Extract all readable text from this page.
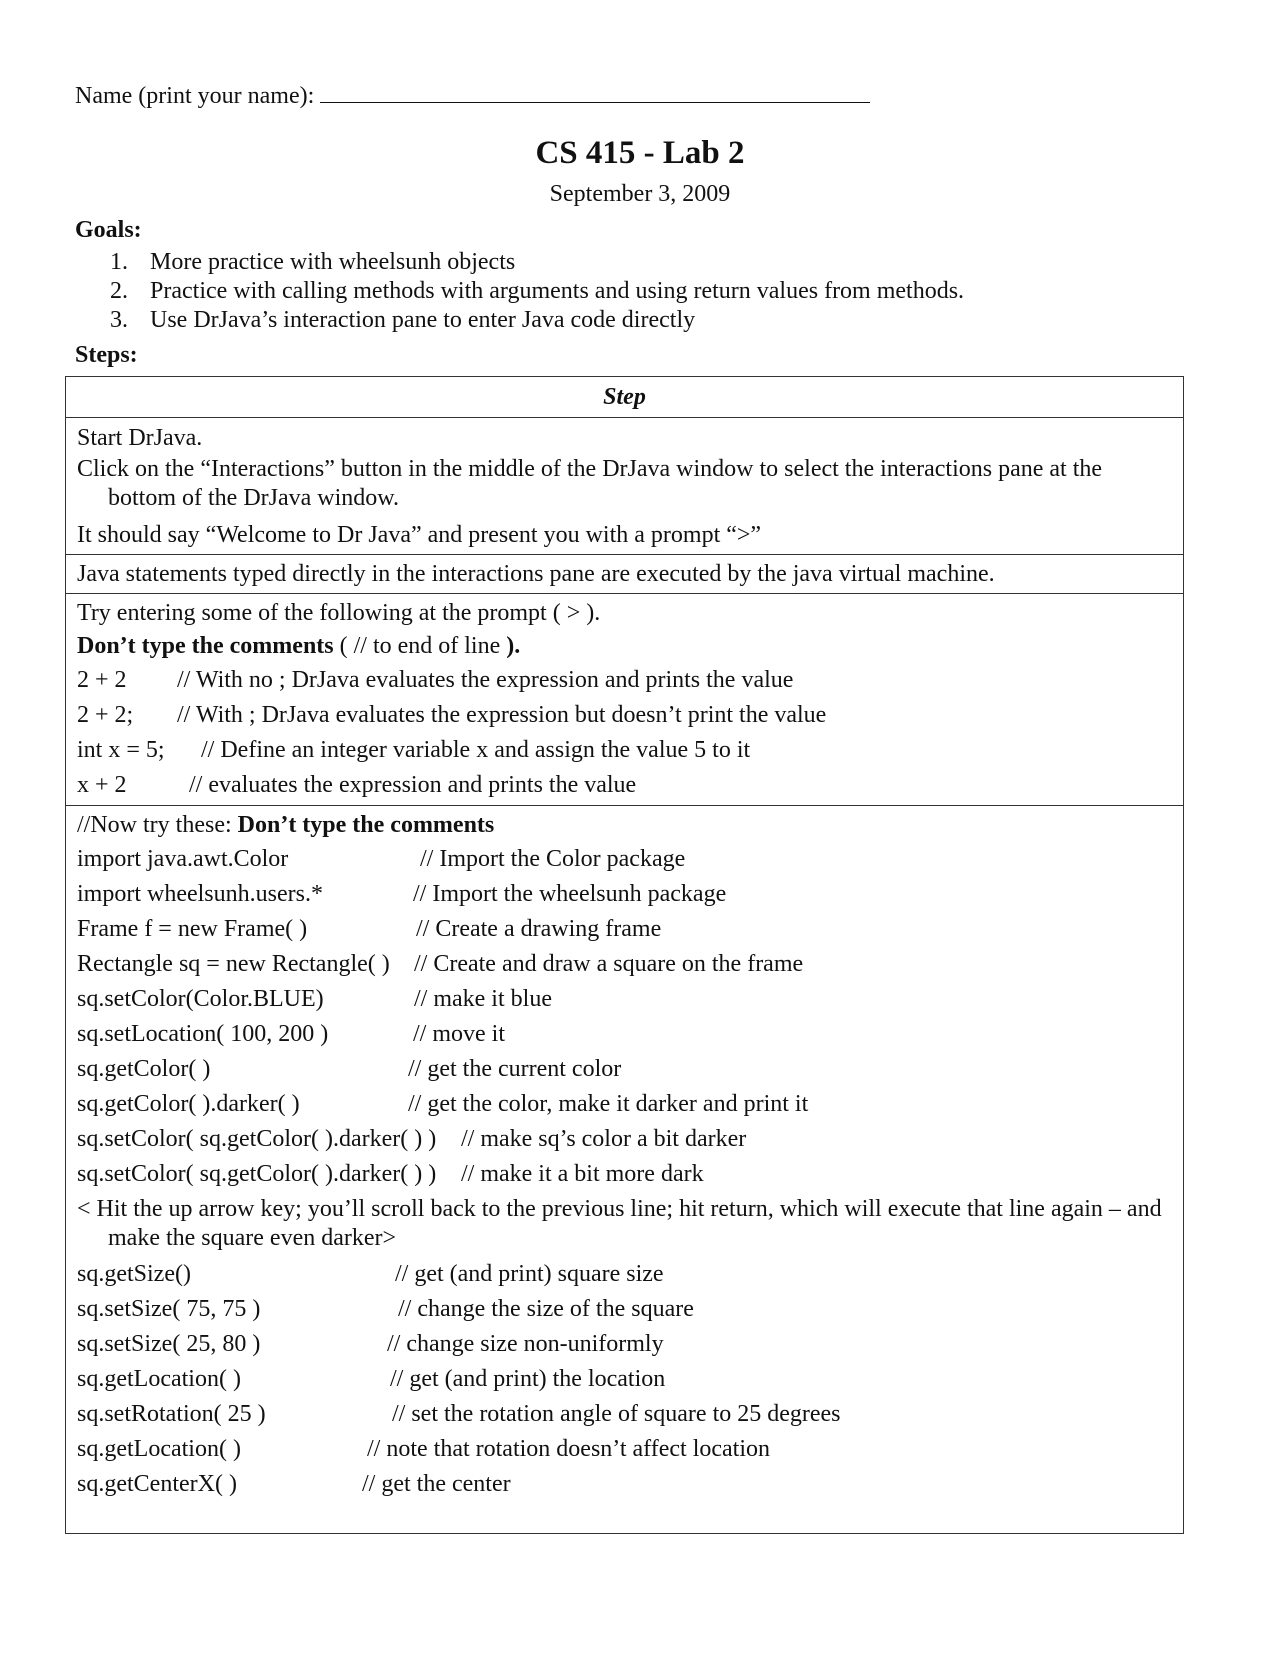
Name (print your name):
CS 415 - Lab 2
September 3, 2009
Goals:
1. More practice with wheelsunh objects
2. Practice with calling methods with arguments and using return values from methods.
3. Use DrJava’s interaction pane to enter Java code directly
Steps:
Step

Start DrJava.
Click on the “Interactions” button in the middle of the DrJava window to select the interactions pane at the bottom of the DrJava window.
It should say “Welcome to Dr Java” and present you with a prompt “>”

Java statements typed directly in the interactions pane are executed by the java virtual machine.

Try entering some of the following at the prompt ( > ).
Don’t type the comments ( // to end of line ).
2 + 2 // With no ; DrJava evaluates the expression and prints the value
2 + 2; // With ; DrJava evaluates the expression but doesn’t print the value
int x = 5; // Define an integer variable x and assign the value 5 to it
x + 2	// evaluates the expression and prints the value

//Now try these: Don’t type the comments
import java.awt.Color	// Import the Color package
import wheelsunh.users.*	// Import the wheelsunh package
Frame f = new Frame( )	// Create a drawing frame
Rectangle sq = new Rectangle( ) // Create and draw a square on the frame
sq.setColor(Color.BLUE)	// make it blue
sq.setLocation( 100, 200 )	// move it
sq.getColor( )	// get the current color
sq.getColor( ).darker( )	// get the color, make it darker and print it
sq.setColor( sq.getColor( ).darker( ) ) // make sq’s color a bit darker
sq.setColor( sq.getColor( ).darker( ) ) // make it a bit more dark
< Hit the up arrow key; you’ll scroll back to the previous line; hit return, which will execute that line again – and make the square even darker>
sq.getSize()	// get (and print) square size
sq.setSize( 75, 75 )	// change the size of the square
sq.setSize( 25, 80 )	// change size non-uniformly
sq.getLocation( )	// get (and print) the location
sq.setRotation( 25 )	// set the rotation angle of square to 25 degrees
sq.getLocation( )	// note that rotation doesn’t affect location
sq.getCenterX( )	// get the center
